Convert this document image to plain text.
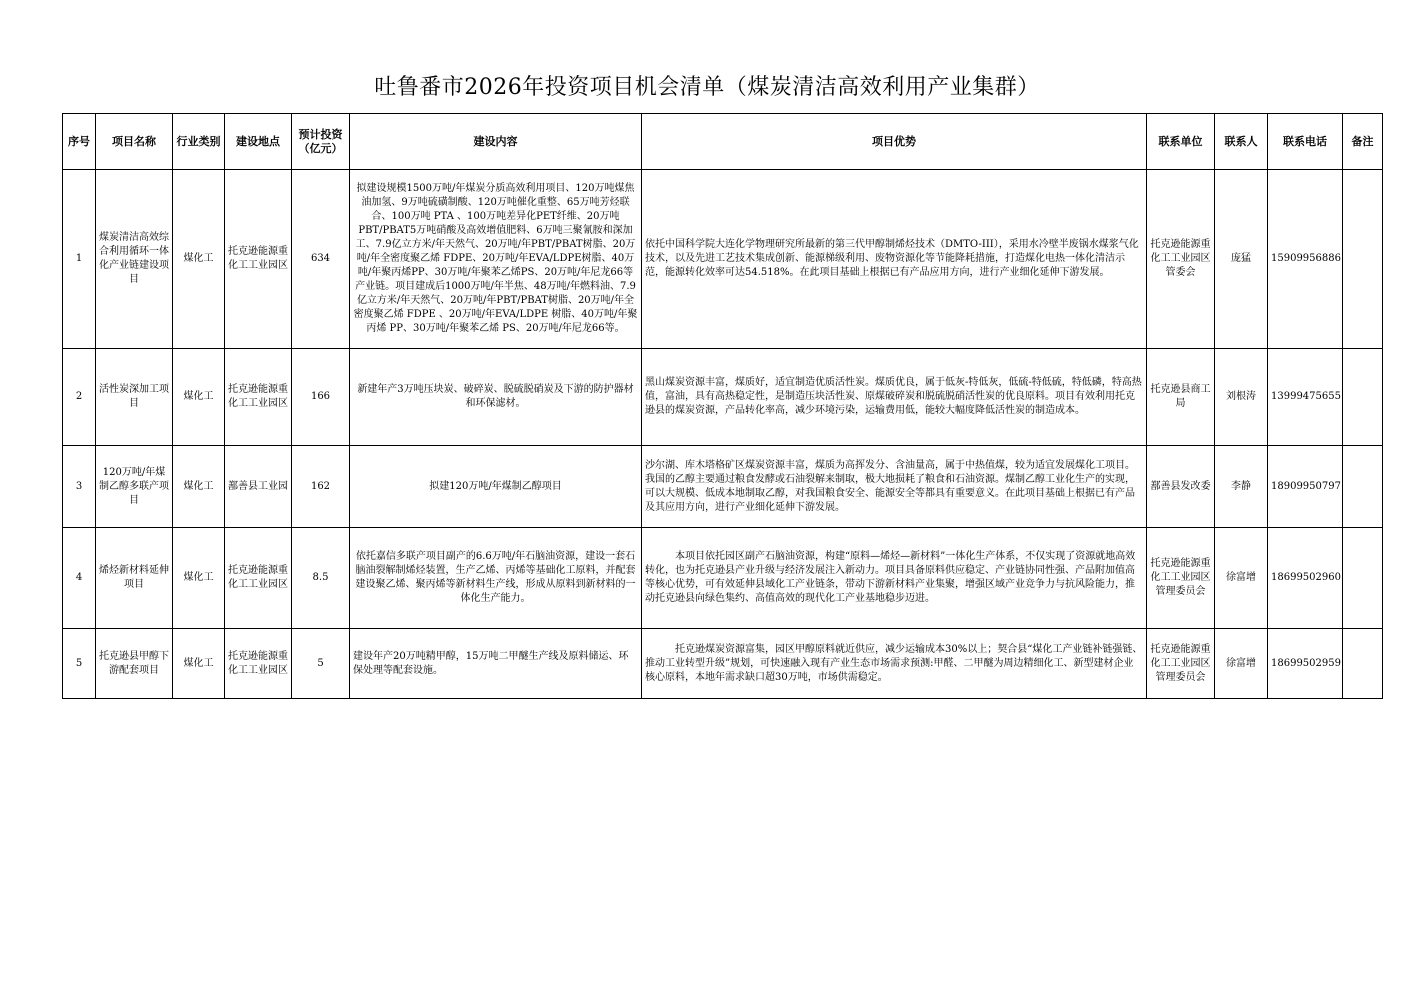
吐鲁番市2026年投资项目机会清单（煤炭清洁高效利用产业集群）
序号	项目名称	行业类别	建设地点	预计投资（亿元）	建设内容	项目优势	联系单位	联系人	联系电话	备注
1	煤炭清洁高效综合利用循环一体化产业链建设项目	煤化工	托克逊能源重化工工业园区	634	拟建设规模1500万吨/年煤炭分质高效利用项目、120万吨煤焦油加氢、9万吨硫磺制酸、120万吨催化重整、65万吨芳烃联合、100万吨 PTA 、100万吨差异化PET纤维、20万吨 PBT/PBAT5万吨硝酸及高效增值肥料、6万吨三聚氰胺和深加工、7.9亿立方米/年天然气、20万吨/年PBT/PBAT树脂、20万吨/年全密度聚乙烯 FDPE、20万吨/年EVA/LDPE树脂、40万吨/年聚丙烯PP、30万吨/年聚苯乙烯PS、20万吨/年尼龙66等产业链。项目建成后1000万吨/年半焦、48万吨/年燃料油、7.9亿立方米/年天然气、20万吨/年PBT/PBAT树脂、20万吨/年全密度聚乙烯 FDPE 、20万吨/年EVA/LDPE 树脂、40万吨/年聚丙烯 PP、30万吨/年聚苯乙烯 PS、20万吨/年尼龙66等。	依托中国科学院大连化学物理研究所最新的第三代甲醇制烯烃技术（DMTO-III），采用水冷壁半废锅水煤浆气化技术，以及先进工艺技术集成创新、能源梯级利用、废物资源化等节能降耗措施，打造煤化电热一体化清洁示范，能源转化效率可达54.518%。在此项目基础上根据已有产品应用方向，进行产业细化延伸下游发展。	托克逊能源重化工工业园区管委会	庞猛	15909956886	
2	活性炭深加工项目	煤化工	托克逊能源重化工工业园区	166	新建年产3万吨压块炭、破碎炭、脱硫脱硝炭及下游的防护器材和环保滤材。	黑山煤炭资源丰富，煤质好，适宜制造优质活性炭。煤质优良，属于低灰-特低灰，低硫-特低硫，特低磷，特高热值，富油，具有高热稳定性，是制造压块活性炭、原煤破碎炭和脱硫脱硝活性炭的优良原料。项目有效利用托克逊县的煤炭资源，产品转化率高，减少环境污染，运输费用低，能较大幅度降低活性炭的制造成本。	托克逊县商工局	刘根涛	13999475655	
3	120万吨/年煤制乙醇多联产项目	煤化工	鄯善县工业园	162	拟建120万吨/年煤制乙醇项目	沙尔湖、库木塔格矿区煤炭资源丰富，煤质为高挥发分、含油量高，属于中热值煤，较为适宜发展煤化工项目。我国的乙醇主要通过粮食发酵或石油裂解来制取，极大地损耗了粮食和石油资源。煤制乙醇工业化生产的实现，可以大规模、低成本地制取乙醇，对我国粮食安全、能源安全等都具有重要意义。在此项目基础上根据已有产品及其应用方向，进行产业细化延伸下游发展。	鄯善县发改委	李静	18909950797	
4	烯烃新材料延伸项目	煤化工	托克逊能源重化工工业园区	8.5	依托嘉信多联产项目副产的6.6万吨/年石脑油资源，建设一套石脑油裂解制烯烃装置，生产乙烯、丙烯等基础化工原料，并配套建设聚乙烯、聚丙烯等新材料生产线，形成从原料到新材料的一体化生产能力。	本项目依托园区副产石脑油资源，构建“原料—烯烃—新材料”一体化生产体系，不仅实现了资源就地高效转化，也为托克逊县产业升级与经济发展注入新动力。项目具备原料供应稳定、产业链协同性强、产品附加值高等核心优势，可有效延伸县域化工产业链条，带动下游新材料产业集聚，增强区域产业竞争力与抗风险能力，推动托克逊县向绿色集约、高值高效的现代化工产业基地稳步迈进。	托克逊能源重化工工业园区管理委员会	徐富增	18699502960	
5	托克逊县甲醇下游配套项目	煤化工	托克逊能源重化工工业园区	5	建设年产20万吨精甲醇，15万吨二甲醚生产线及原料储运、环保处理等配套设施。	托克逊煤炭资源富集，园区甲醇原料就近供应，减少运输成本30%以上；契合县“煤化工产业链补链强链、推动工业转型升级”规划，可快速融入现有产业生态市场需求预测:甲醛、二甲醚为周边精细化工、新型建材企业核心原料，本地年需求缺口超30万吨，市场供需稳定。	托克逊能源重化工工业园区管理委员会	徐富增	18699502959	
